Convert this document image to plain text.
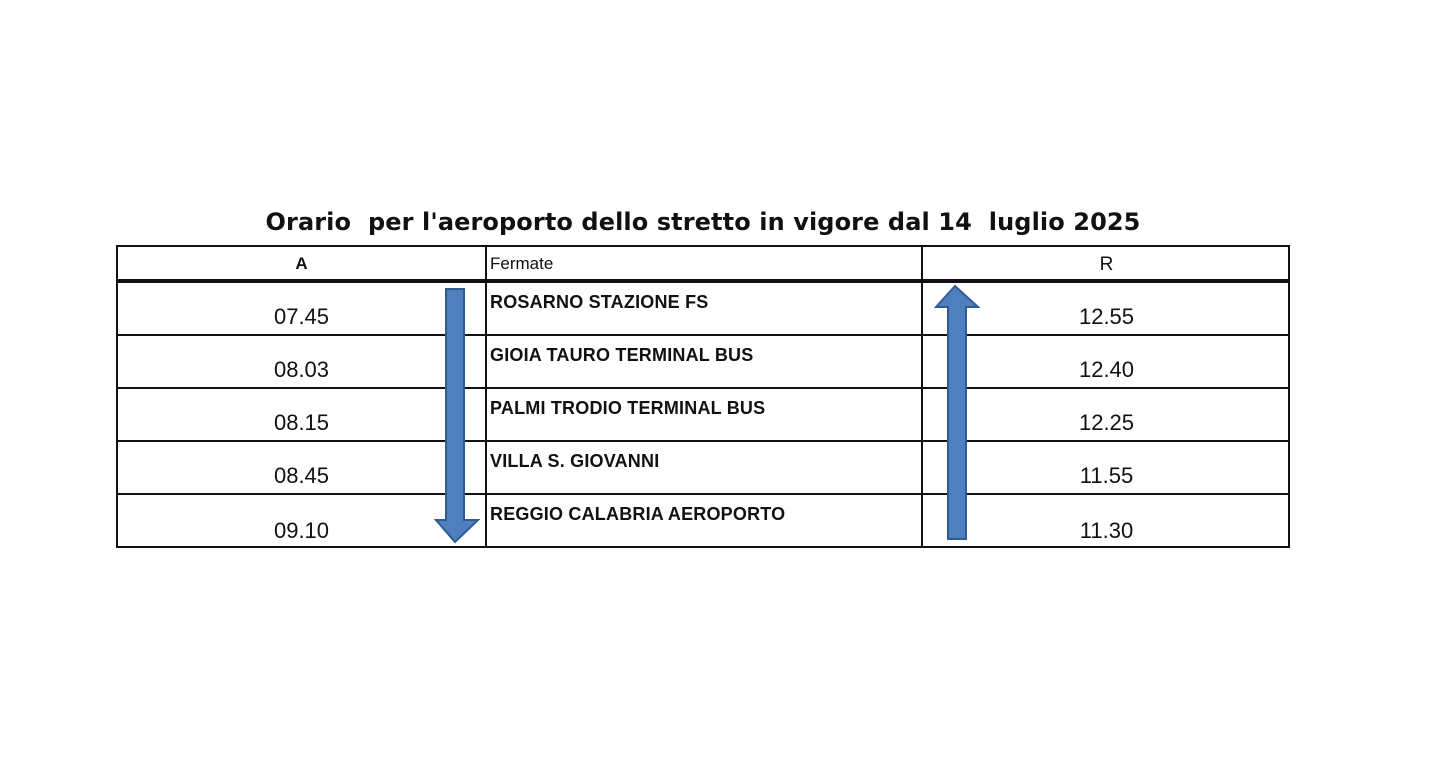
Orario  per l'aeroporto dello stretto in vigore dal 14  luglio 2025
A	Fermate	R
07.45
ROSARNO STAZIONE FS
12.55
08.03
GIOIA TAURO TERMINAL BUS
12.40
08.15
PALMI TRODIO TERMINAL BUS
12.25
08.45
VILLA S. GIOVANNI
11.55
09.10
REGGIO CALABRIA AEROPORTO
11.30
